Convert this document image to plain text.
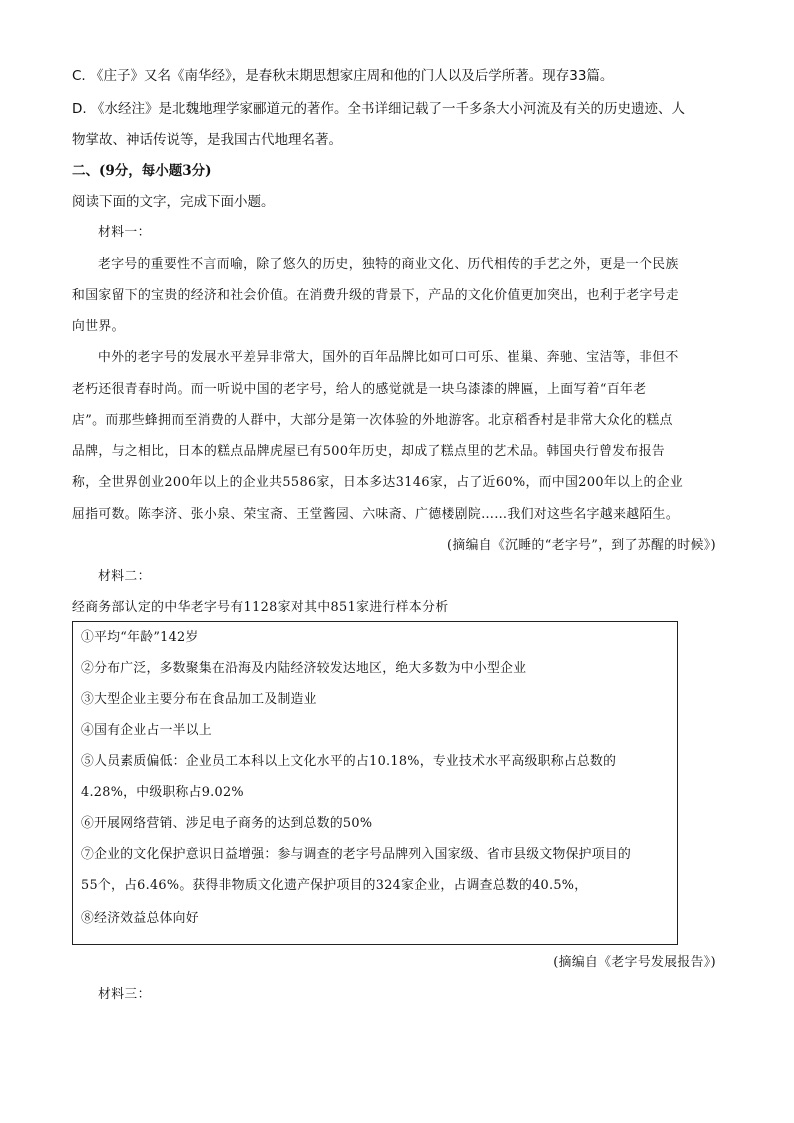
C. 《庄子》又名《南华经》，是春秋末期思想家庄周和他的门人以及后学所著。现存33篇。
D. 《水经注》是北魏地理学家郦道元的著作。全书详细记载了一千多条大小河流及有关的历史遗迹、人
物掌故、神话传说等，是我国古代地理名著。
二、(9分，每小题3分)
阅读下面的文字，完成下面小题。
材料一：
老字号的重要性不言而喻，除了悠久的历史，独特的商业文化、历代相传的手艺之外，更是一个民族
和国家留下的宝贵的经济和社会价值。在消费升级的背景下，产品的文化价值更加突出，也利于老字号走
向世界。
中外的老字号的发展水平差异非常大，国外的百年品牌比如可口可乐、崔巢、奔驰、宝洁等，非但不
老朽还很青春时尚。而一听说中国的老字号，给人的感觉就是一块乌漆漆的牌匾，上面写着“百年老
店”。而那些蜂拥而至消费的人群中，大部分是第一次体验的外地游客。北京稻香村是非常大众化的糕点
品牌，与之相比，日本的糕点品牌虎屋已有500年历史，却成了糕点里的艺术品。韩国央行曾发布报告
称，全世界创业200年以上的企业共5586家，日本多达3146家，占了近60%，而中国200年以上的企业
屈指可数。陈李济、张小泉、荣宝斋、王堂酱园、六味斋、广德楼剧院……我们对这些名字越来越陌生。
(摘编自《沉睡的“老字号”，到了苏醒的时候》)
材料二：
经商务部认定的中华老字号有1128家对其中851家进行样本分析
①平均“年龄”142岁
②分布广泛，多数聚集在沿海及内陆经济较发达地区，绝大多数为中小型企业
③大型企业主要分布在食品加工及制造业
④国有企业占一半以上
⑤人员素质偏低：企业员工本科以上文化水平的占10.18%，专业技术水平高级职称占总数的
4.28%，中级职称占9.02%
⑥开展网络营销、涉足电子商务的达到总数的50%
⑦企业的文化保护意识日益增强：参与调查的老字号品牌列入国家级、省市县级文物保护项目的
55个，占6.46%。获得非物质文化遗产保护项目的324家企业，占调查总数的40.5%，
⑧经济效益总体向好
(摘编自《老字号发展报告》)
材料三：
